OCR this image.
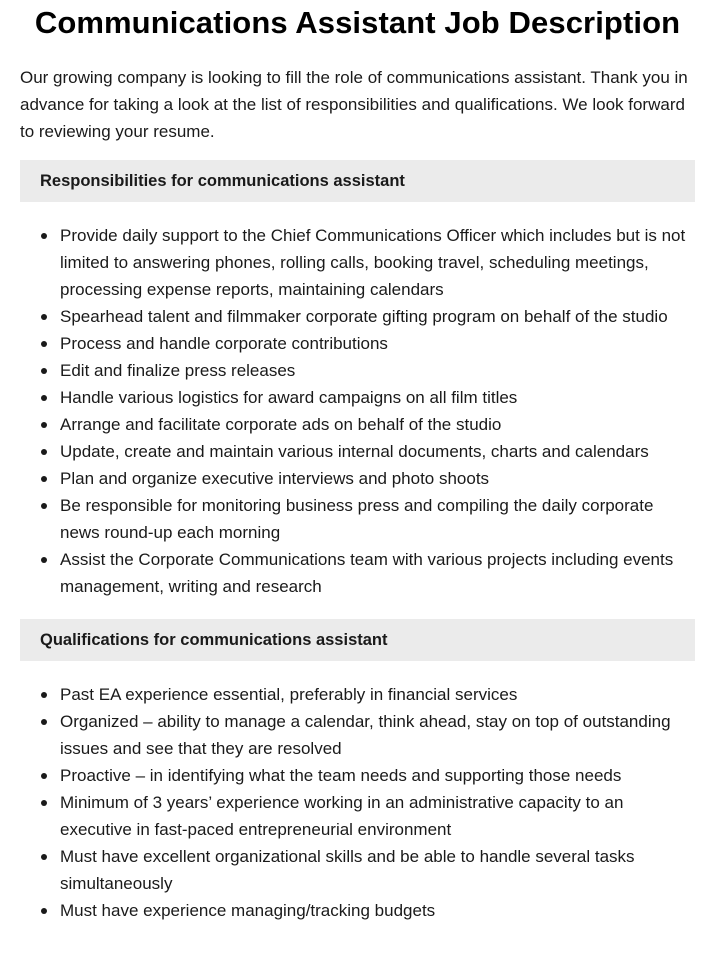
Communications Assistant Job Description

Our growing company is looking to fill the role of communications assistant. Thank you in advance for taking a look at the list of responsibilities and qualifications. We look forward to reviewing your resume.

Responsibilities for communications assistant
Provide daily support to the Chief Communications Officer which includes but is not limited to answering phones, rolling calls, booking travel, scheduling meetings, processing expense reports, maintaining calendars
Spearhead talent and filmmaker corporate gifting program on behalf of the studio
Process and handle corporate contributions
Edit and finalize press releases
Handle various logistics for award campaigns on all film titles
Arrange and facilitate corporate ads on behalf of the studio
Update, create and maintain various internal documents, charts and calendars
Plan and organize executive interviews and photo shoots
Be responsible for monitoring business press and compiling the daily corporate news round-up each morning
Assist the Corporate Communications team with various projects including events management, writing and research
Qualifications for communications assistant
Past EA experience essential, preferably in financial services
Organized – ability to manage a calendar, think ahead, stay on top of outstanding issues and see that they are resolved
Proactive – in identifying what the team needs and supporting those needs
Minimum of 3 years’ experience working in an administrative capacity to an executive in fast-paced entrepreneurial environment
Must have excellent organizational skills and be able to handle several tasks simultaneously
Must have experience managing/tracking budgets
